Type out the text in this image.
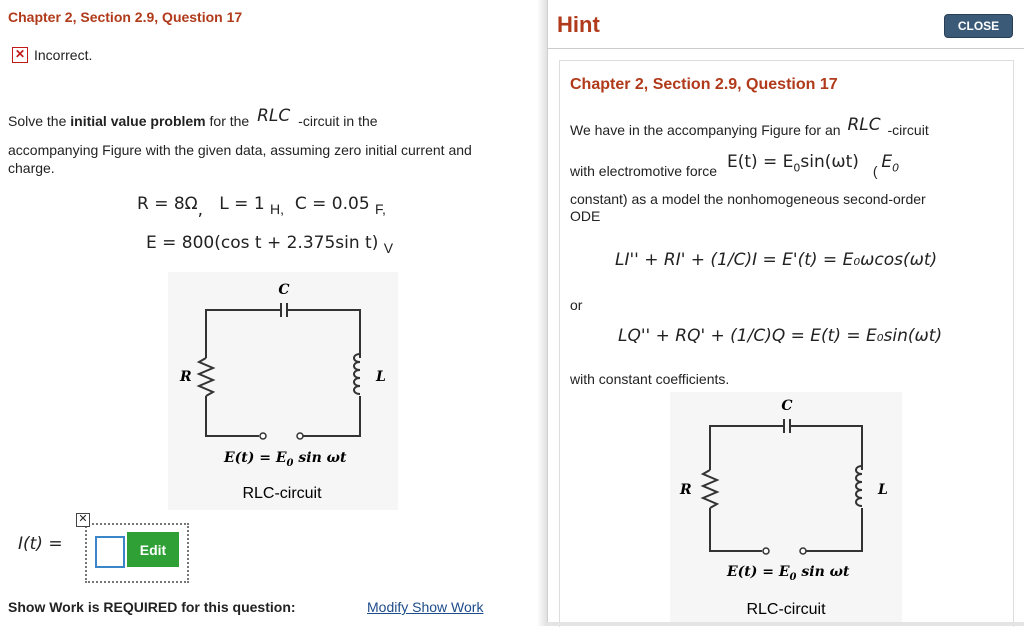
Chapter 2, Section 2.9, Question 17
✕ Incorrect.
Solve the initial value problem for the RLC -circuit in the
accompanying Figure with the given data, assuming zero initial current and
charge.
R = 8Ω, L = 1 $_{H,}$ C = 0.05 $_{F,}$
E = 800(cos t + 2.375sin t) $_V$
C
R	L
$E(t) = E_0$ sin ωt
RLC-circuit
I(t) =
✕
Edit
Show Work is REQUIRED for this question:	Modify Show Work
Hint	CLOSE
Chapter 2, Section 2.9, Question 17
We have in the accompanying Figure for an RLC -circuit
with electromotive force $E(t) = E_0\sin(\omega t)$ ( $E_0$
constant) as a model the nonhomogeneous second-order
ODE
LI'' + RI' + (1/C)I = E'(t) = E₀ωcos(ωt)
or
LQ'' + RQ' + (1/C)Q = E(t) = E₀sin(ωt)
with constant coefficients.
C
R	L
$E(t) = E_0$ sin ωt
RLC-circuit
